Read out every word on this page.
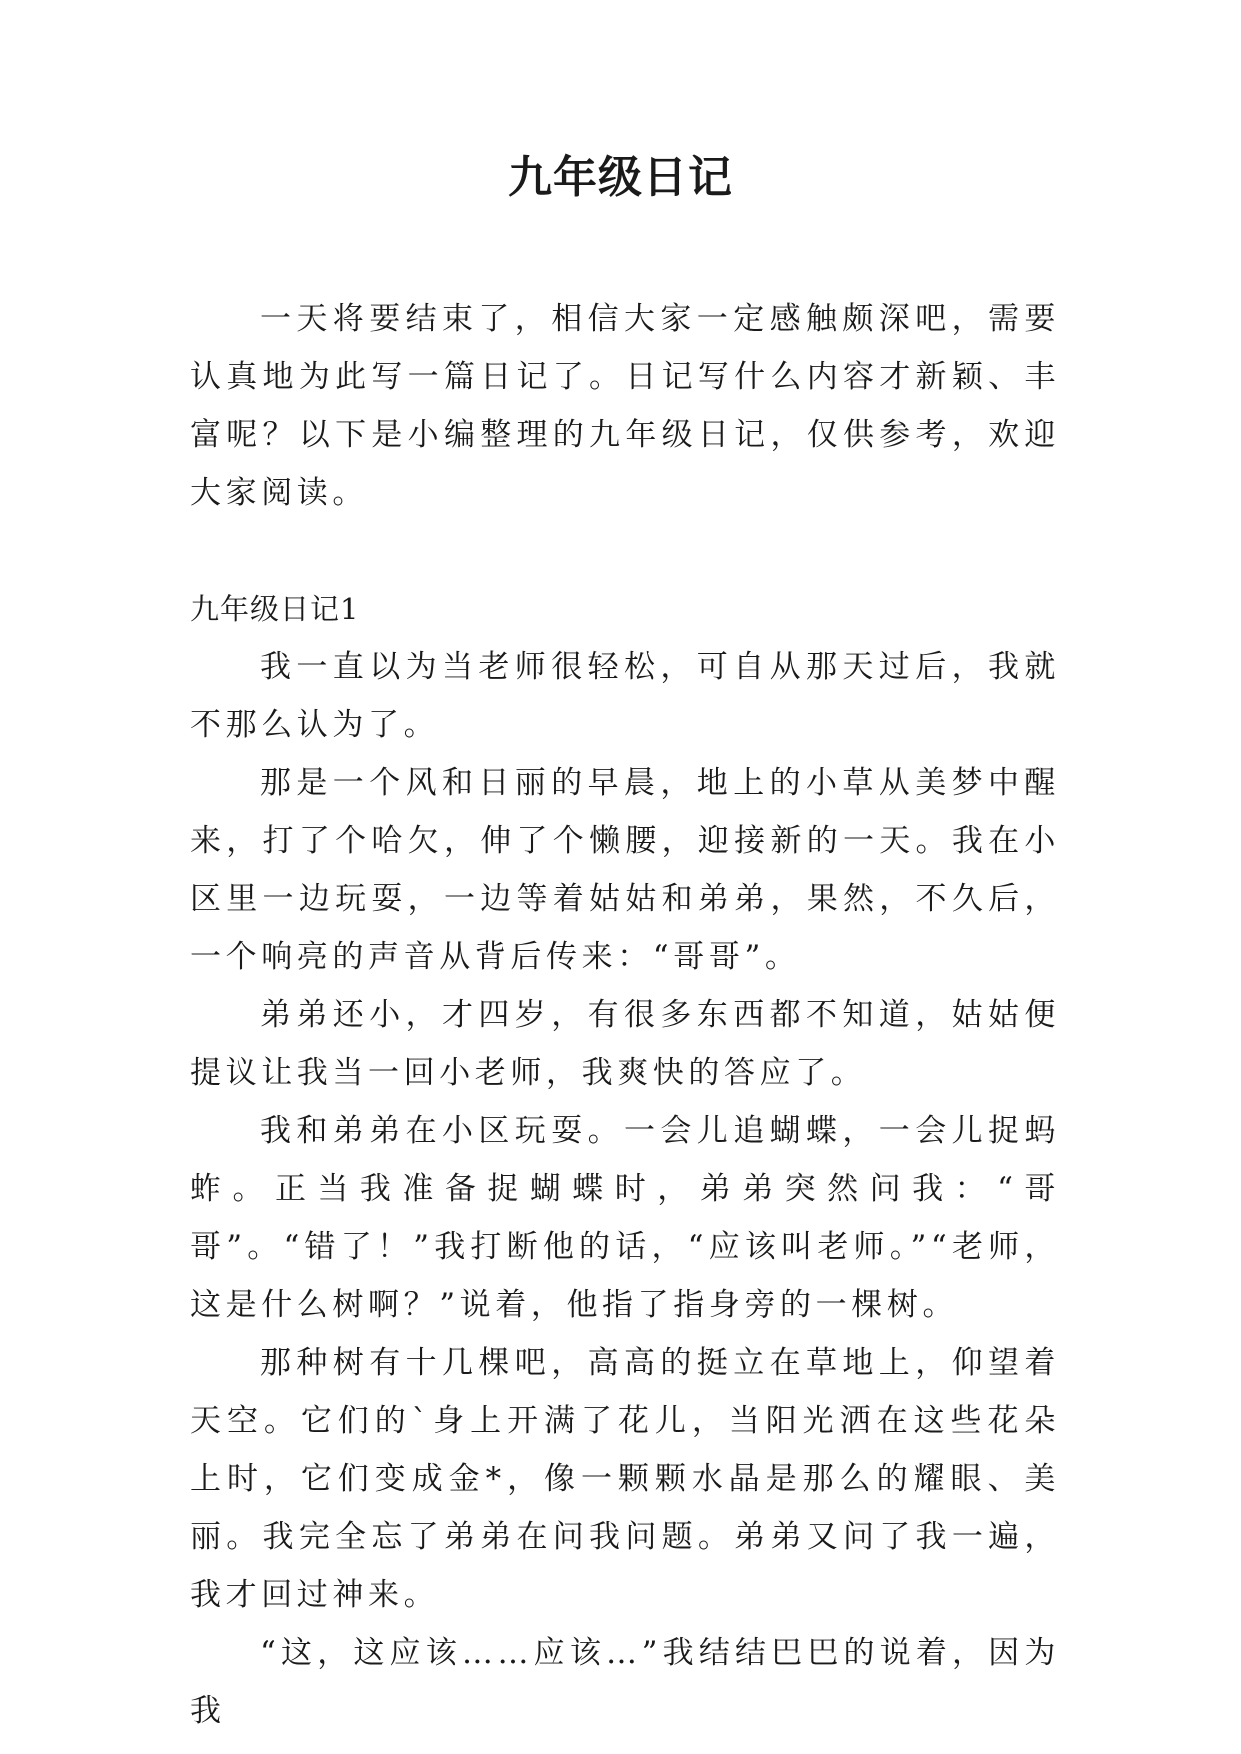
九年级日记

一天将要结束了，相信大家一定感触颇深吧，需要认真地为此写一篇日记了。日记写什么内容才新颖、丰富呢？以下是小编整理的九年级日记，仅供参考，欢迎大家阅读。

九年级日记1

我一直以为当老师很轻松，可自从那天过后，我就不那么认为了。

那是一个风和日丽的早晨，地上的小草从美梦中醒来，打了个哈欠，伸了个懒腰，迎接新的一天。我在小区里一边玩耍，一边等着姑姑和弟弟，果然，不久后，一个响亮的声音从背后传来：“哥哥”。

弟弟还小，才四岁，有很多东西都不知道，姑姑便提议让我当一回小老师，我爽快的答应了。

我和弟弟在小区玩耍。一会儿追蝴蝶，一会儿捉蚂蚱。正当我准备捉蝴蝶时，弟弟突然问我：“哥哥”。“错了！”我打断他的话，“应该叫老师。”“老师，这是什么树啊？”说着，他指了指身旁的一棵树。

那种树有十几棵吧，高高的挺立在草地上，仰望着天空。它们的`身上开满了花儿，当阳光洒在这些花朵上时，它们变成金*，像一颗颗水晶是那么的耀眼、美丽。我完全忘了弟弟在问我问题。弟弟又问了我一遍，我才回过神来。

“这，这应该……应该…”我结结巴巴的说着，因为我
